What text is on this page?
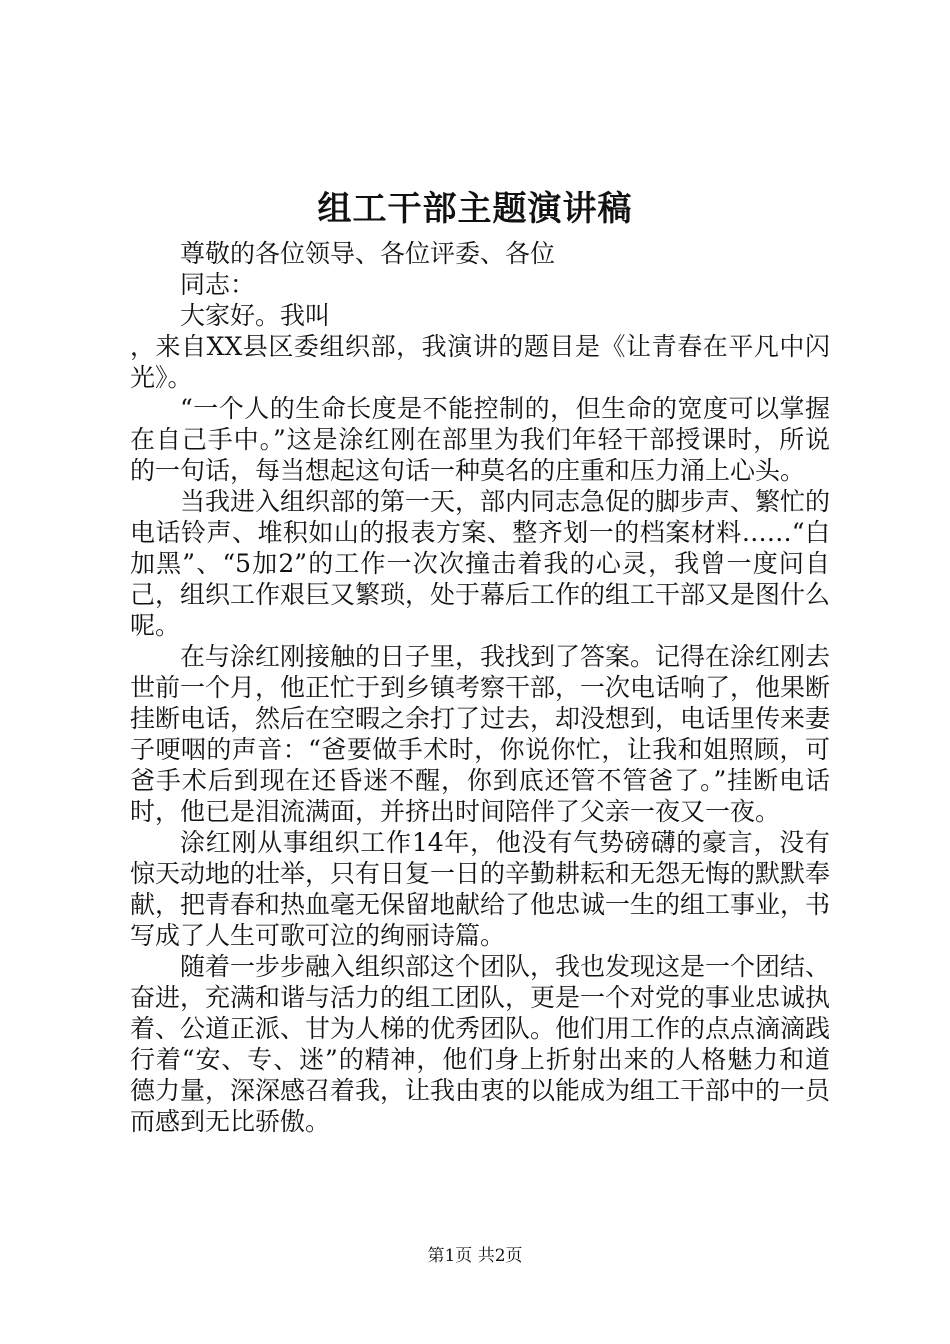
组工干部主题演讲稿

尊敬的各位领导、各位评委、各位

同志：

大家好。我叫

，来自XX县区委组织部，我演讲的题目是《让青春在平凡中闪光》。

“一个人的生命长度是不能控制的，但生命的宽度可以掌握在自己手中。”这是涂红刚在部里为我们年轻干部授课时，所说的一句话，每当想起这句话一种莫名的庄重和压力涌上心头。

当我进入组织部的第一天，部内同志急促的脚步声、繁忙的电话铃声、堆积如山的报表方案、整齐划一的档案材料……“白加黑”、“5加2”的工作一次次撞击着我的心灵，我曾一度问自己，组织工作艰巨又繁琐，处于幕后工作的组工干部又是图什么呢。

在与涂红刚接触的日子里，我找到了答案。记得在涂红刚去世前一个月，他正忙于到乡镇考察干部，一次电话响了，他果断挂断电话，然后在空暇之余打了过去，却没想到，电话里传来妻子哽咽的声音：“爸要做手术时，你说你忙，让我和姐照顾，可爸手术后到现在还昏迷不醒，你到底还管不管爸了。”挂断电话时，他已是泪流满面，并挤出时间陪伴了父亲一夜又一夜。

涂红刚从事组织工作14年，他没有气势磅礴的豪言，没有惊天动地的壮举，只有日复一日的辛勤耕耘和无怨无悔的默默奉献，把青春和热血毫无保留地献给了他忠诚一生的组工事业，书写成了人生可歌可泣的绚丽诗篇。

随着一步步融入组织部这个团队，我也发现这是一个团结、奋进，充满和谐与活力的组工团队，更是一个对党的事业忠诚执着、公道正派、甘为人梯的优秀团队。他们用工作的点点滴滴践行着“安、专、迷”的精神，他们身上折射出来的人格魅力和道德力量，深深感召着我，让我由衷的以能成为组工干部中的一员而感到无比骄傲。

第1页 共2页
